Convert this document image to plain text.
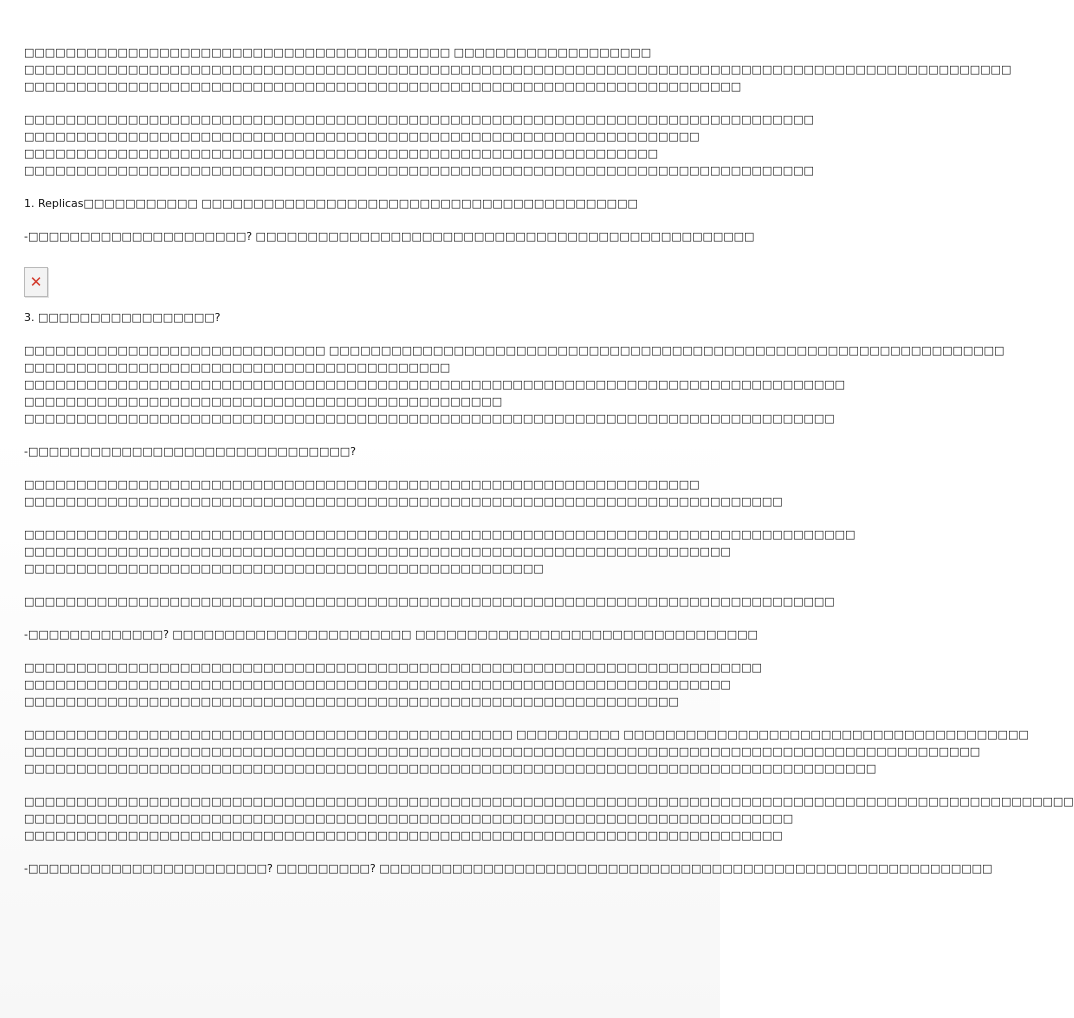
□□□□□□□□□□□□□□□□□□□□□□□□□□□□□□□□□□□□□□□□□ □□□□□□□□□□□□□□□□□□□
□□□□□□□□□□□□□□□□□□□□□□□□□□□□□□□□□□□□□□□□□□□□□□□□□□□□□□□□□□□□□□□□□□□□□□□□□□□□□□□□□□□□□□□□□□□□□□□
□□□□□□□□□□□□□□□□□□□□□□□□□□□□□□□□□□□□□□□□□□□□□□□□□□□□□□□□□□□□□□□□□□□□□
□□□□□□□□□□□□□□□□□□□□□□□□□□□□□□□□□□□□□□□□□□□□□□□□□□□□□□□□□□□□□□□□□□□□□□□□□□□□
□□□□□□□□□□□□□□□□□□□□□□□□□□□□□□□□□□□□□□□□□□□□□□□□□□□□□□□□□□□□□□□□□
□□□□□□□□□□□□□□□□□□□□□□□□□□□□□□□□□□□□□□□□□□□□□□□□□□□□□□□□□□□□□
□□□□□□□□□□□□□□□□□□□□□□□□□□□□□□□□□□□□□□□□□□□□□□□□□□□□□□□□□□□□□□□□□□□□□□□□□□□□
1. Replicas□□□□□□□□□□□ □□□□□□□□□□□□□□□□□□□□□□□□□□□□□□□□□□□□□□□□□□
-□□□□□□□□□□□□□□□□□□□□□? □□□□□□□□□□□□□□□□□□□□□□□□□□□□□□□□□□□□□□□□□□□□□□□□
✕
3. □□□□□□□□□□□□□□□□□?
□□□□□□□□□□□□□□□□□□□□□□□□□□□□□ □□□□□□□□□□□□□□□□□□□□□□□□□□□□□□□□□□□□□□□□□□□□□□□□□□□□□□□□□□□□□□□□□
□□□□□□□□□□□□□□□□□□□□□□□□□□□□□□□□□□□□□□□□□
□□□□□□□□□□□□□□□□□□□□□□□□□□□□□□□□□□□□□□□□□□□□□□□□□□□□□□□□□□□□□□□□□□□□□□□□□□□□□□□
□□□□□□□□□□□□□□□□□□□□□□□□□□□□□□□□□□□□□□□□□□□□□□
□□□□□□□□□□□□□□□□□□□□□□□□□□□□□□□□□□□□□□□□□□□□□□□□□□□□□□□□□□□□□□□□□□□□□□□□□□□□□□
-□□□□□□□□□□□□□□□□□□□□□□□□□□□□□□□?
□□□□□□□□□□□□□□□□□□□□□□□□□□□□□□□□□□□□□□□□□□□□□□□□□□□□□□□□□□□□□□□□□
□□□□□□□□□□□□□□□□□□□□□□□□□□□□□□□□□□□□□□□□□□□□□□□□□□□□□□□□□□□□□□□□□□□□□□□□□
□□□□□□□□□□□□□□□□□□□□□□□□□□□□□□□□□□□□□□□□□□□□□□□□□□□□□□□□□□□□□□□□□□□□□□□□□□□□□□□□
□□□□□□□□□□□□□□□□□□□□□□□□□□□□□□□□□□□□□□□□□□□□□□□□□□□□□□□□□□□□□□□□□□□□
□□□□□□□□□□□□□□□□□□□□□□□□□□□□□□□□□□□□□□□□□□□□□□□□□□
□□□□□□□□□□□□□□□□□□□□□□□□□□□□□□□□□□□□□□□□□□□□□□□□□□□□□□□□□□□□□□□□□□□□□□□□□□□□□□
-□□□□□□□□□□□□□? □□□□□□□□□□□□□□□□□□□□□□□ □□□□□□□□□□□□□□□□□□□□□□□□□□□□□□□□□
□□□□□□□□□□□□□□□□□□□□□□□□□□□□□□□□□□□□□□□□□□□□□□□□□□□□□□□□□□□□□□□□□□□□□□□
□□□□□□□□□□□□□□□□□□□□□□□□□□□□□□□□□□□□□□□□□□□□□□□□□□□□□□□□□□□□□□□□□□□□
□□□□□□□□□□□□□□□□□□□□□□□□□□□□□□□□□□□□□□□□□□□□□□□□□□□□□□□□□□□□□□□
□□□□□□□□□□□□□□□□□□□□□□□□□□□□□□□□□□□□□□□□□□□□□□□ □□□□□□□□□□ □□□□□□□□□□□□□□□□□□□□□□□□□□□□□□□□□□□□□□□
□□□□□□□□□□□□□□□□□□□□□□□□□□□□□□□□□□□□□□□□□□□□□□□□□□□□□□□□□□□□□□□□□□□□□□□□□□□□□□□□□□□□□□□□□□□□
□□□□□□□□□□□□□□□□□□□□□□□□□□□□□□□□□□□□□□□□□□□□□□□□□□□□□□□□□□□□□□□□□□□□□□□□□□□□□□□□□□
□□□□□□□□□□□□□□□□□□□□□□□□□□□□□□□□□□□□□□□□□□□□□□□□□□□□□□□□□□□□□□□□□□□□□□□□□□□□□□□□□□□□□□□□□□□□□□□□□□□□□
□□□□□□□□□□□□□□□□□□□□□□□□□□□□□□□□□□□□□□□□□□□□□□□□□□□□□□□□□□□□□□□□□□□□□□□□□□
□□□□□□□□□□□□□□□□□□□□□□□□□□□□□□□□□□□□□□□□□□□□□□□□□□□□□□□□□□□□□□□□□□□□□□□□□
-□□□□□□□□□□□□□□□□□□□□□□□? □□□□□□□□□? □□□□□□□□□□□□□□□□□□□□□□□□□□□□□□□□□□□□□□□□□□□□□□□□□□□□□□□□□□□
